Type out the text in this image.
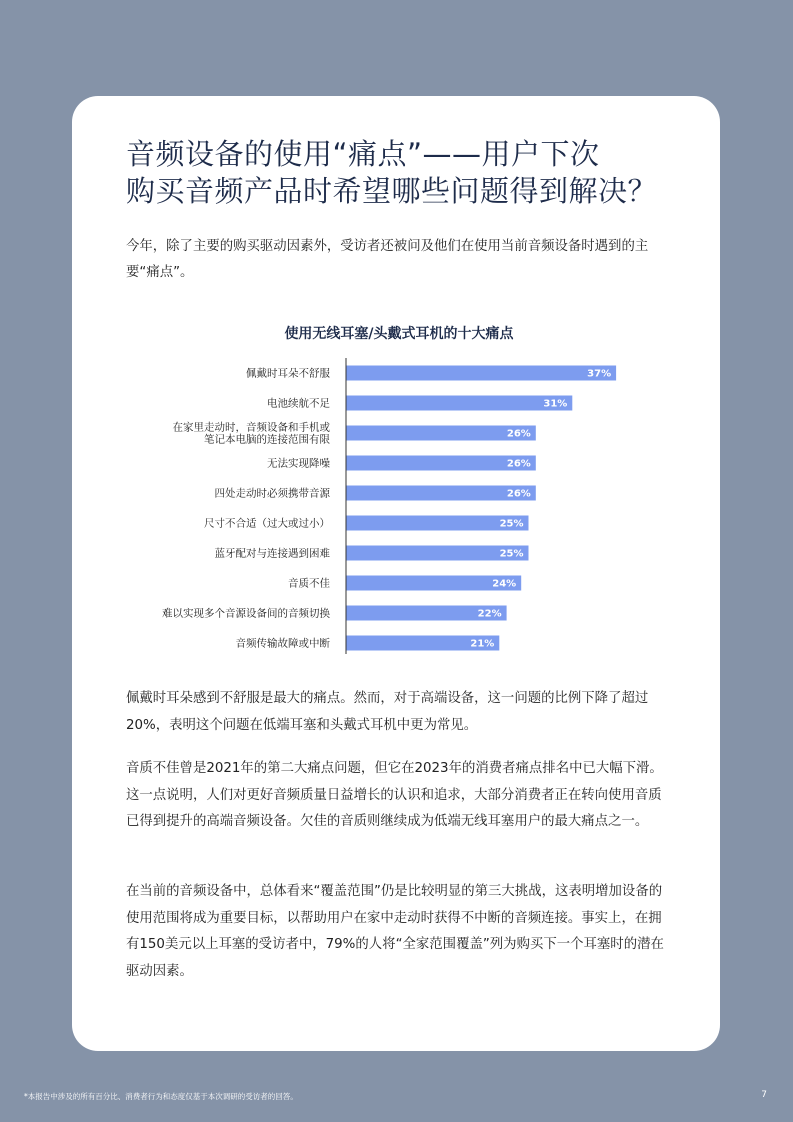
音频设备的使用“痛点”——用户下次
购买音频产品时希望哪些问题得到解决？

今年，除了主要的购买驱动因素外，受访者还被问及他们在使用当前音频设备时遇到的主要“痛点”。

使用无线耳塞/头戴式耳机的十大痛点
37%
佩戴时耳朵不舒服
31%
电池续航不足
26%
在家里走动时，音频设备和手机或笔记本电脑的连接范围有限
26%
无法实现降噪
26%
四处走动时必须携带音源
25%
尺寸不合适（过大或过小）
25%
蓝牙配对与连接遇到困难
24%
音质不佳
22%
难以实现多个音源设备间的音频切换
21%
音频传输故障或中断

佩戴时耳朵感到不舒服是最大的痛点。然而，对于高端设备，这一问题的比例下降了超过20%，表明这个问题在低端耳塞和头戴式耳机中更为常见。

音质不佳曾是2021年的第二大痛点问题，但它在2023年的消费者痛点排名中已大幅下滑。这一点说明，人们对更好音频质量日益增长的认识和追求，大部分消费者正在转向使用音质已得到提升的高端音频设备。欠佳的音质则继续成为低端无线耳塞用户的最大痛点之一。

在当前的音频设备中，总体看来“覆盖范围”仍是比较明显的第三大挑战，这表明增加设备的使用范围将成为重要目标，以帮助用户在家中走动时获得不中断的音频连接。事实上，在拥有150美元以上耳塞的受访者中，79%的人将“全家范围覆盖”列为购买下一个耳塞时的潜在驱动因素。

*本报告中涉及的所有百分比、消费者行为和态度仅基于本次调研的受访者的回答。	7
